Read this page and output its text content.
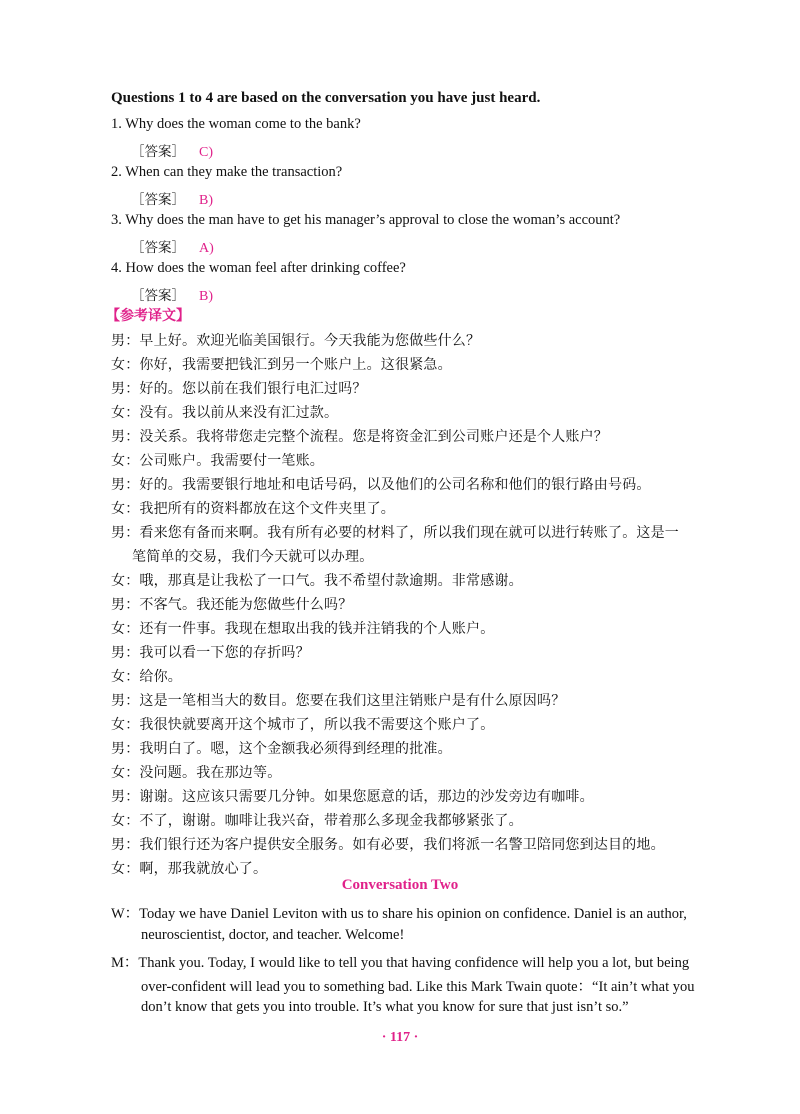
Questions 1 to 4 are based on the conversation you have just heard.
1. Why does the woman come to the bank?
［答案］ C)
2. When can they make the transaction?
［答案］ B)
3. Why does the man have to get his manager’s approval to close the woman’s account?
［答案］ A)
4. How does the woman feel after drinking coffee?
［答案］ B)
【参考译文】
男：早上好。欢迎光临美国银行。今天我能为您做些什么？
女：你好，我需要把钱汇到另一个账户上。这很紧急。
男：好的。您以前在我们银行电汇过吗？
女：没有。我以前从来没有汇过款。
男：没关系。我将带您走完整个流程。您是将资金汇到公司账户还是个人账户？
女：公司账户。我需要付一笔账。
男：好的。我需要银行地址和电话号码，以及他们的公司名称和他们的银行路由号码。
女：我把所有的资料都放在这个文件夹里了。
男：看来您有备而来啊。我有所有必要的材料了，所以我们现在就可以进行转账了。这是一
笔简单的交易，我们今天就可以办理。
女：哦，那真是让我松了一口气。我不希望付款逾期。非常感谢。
男：不客气。我还能为您做些什么吗？
女：还有一件事。我现在想取出我的钱并注销我的个人账户。
男：我可以看一下您的存折吗？
女：给你。
男：这是一笔相当大的数目。您要在我们这里注销账户是有什么原因吗？
女：我很快就要离开这个城市了，所以我不需要这个账户了。
男：我明白了。嗯，这个金额我必须得到经理的批准。
女：没问题。我在那边等。
男：谢谢。这应该只需要几分钟。如果您愿意的话，那边的沙发旁边有咖啡。
女：不了，谢谢。咖啡让我兴奋，带着那么多现金我都够紧张了。
男：我们银行还为客户提供安全服务。如有必要，我们将派一名警卫陪同您到达目的地。
女：啊，那我就放心了。
Conversation Two
W：Today we have Daniel Leviton with us to share his opinion on confidence. Daniel is an author,
neuroscientist, doctor, and teacher. Welcome!
M：Thank you. Today, I would like to tell you that having confidence will help you a lot, but being
over-confident will lead you to something bad. Like this Mark Twain quote：“It ain’t what you
don’t know that gets you into trouble. It’s what you know for sure that just isn’t so.”
· 117 ·
